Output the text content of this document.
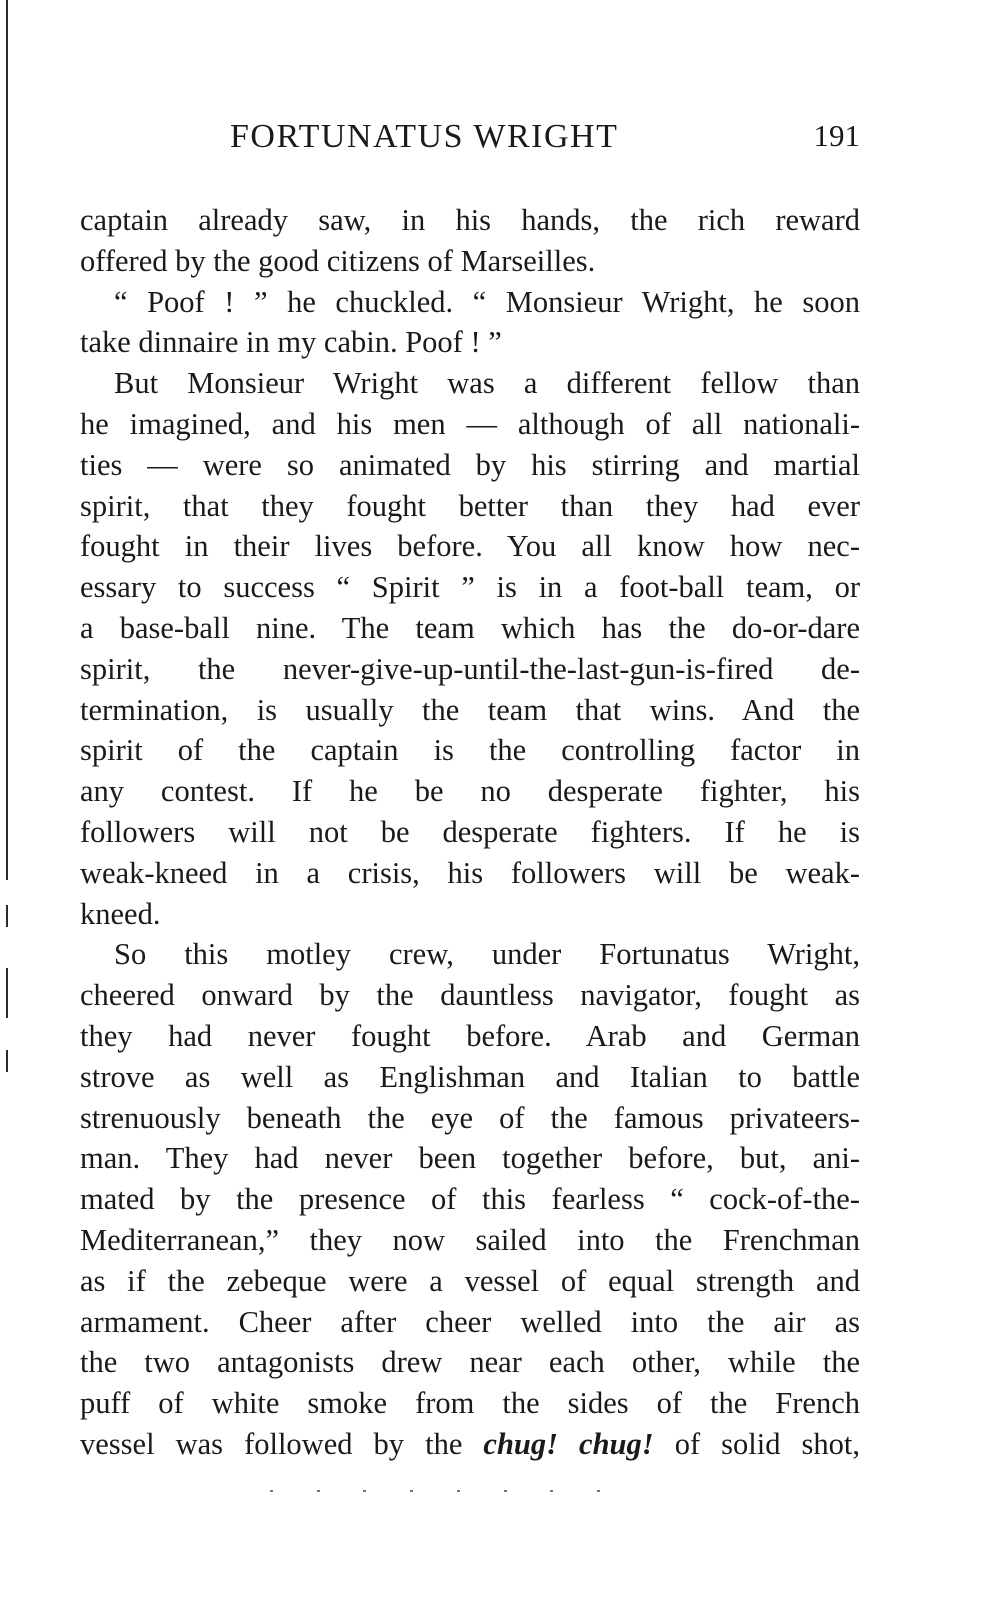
FORTUNATUS WRIGHT	191
captain already saw, in his hands, the rich reward
offered by the good citizens of Marseilles.
“ Poof ! ” he chuckled. “ Monsieur Wright, he soon
take dinnaire in my cabin. Poof ! ”
But Monsieur Wright was a different fellow than
he imagined, and his men — although of all nationali-
ties — were so animated by his stirring and martial
spirit, that they fought better than they had ever
fought in their lives before. You all know how nec-
essary to success “ Spirit ” is in a foot-ball team, or
a base-ball nine. The team which has the do-or-dare
spirit, the never-give-up-until-the-last-gun-is-fired de-
termination, is usually the team that wins. And the
spirit of the captain is the controlling factor in
any contest. If he be no desperate fighter, his
followers will not be desperate fighters. If he is
weak-kneed in a crisis, his followers will be weak-
kneed.
So this motley crew, under Fortunatus Wright,
cheered onward by the dauntless navigator, fought as
they had never fought before. Arab and German
strove as well as Englishman and Italian to battle
strenuously beneath the eye of the famous privateers-
man. They had never been together before, but, ani-
mated by the presence of this fearless “ cock-of-the-
Mediterranean,” they now sailed into the Frenchman
as if the zebeque were a vessel of equal strength and
armament. Cheer after cheer welled into the air as
the two antagonists drew near each other, while the
puff of white smoke from the sides of the French
vessel was followed by the chug! chug! of solid shot,
